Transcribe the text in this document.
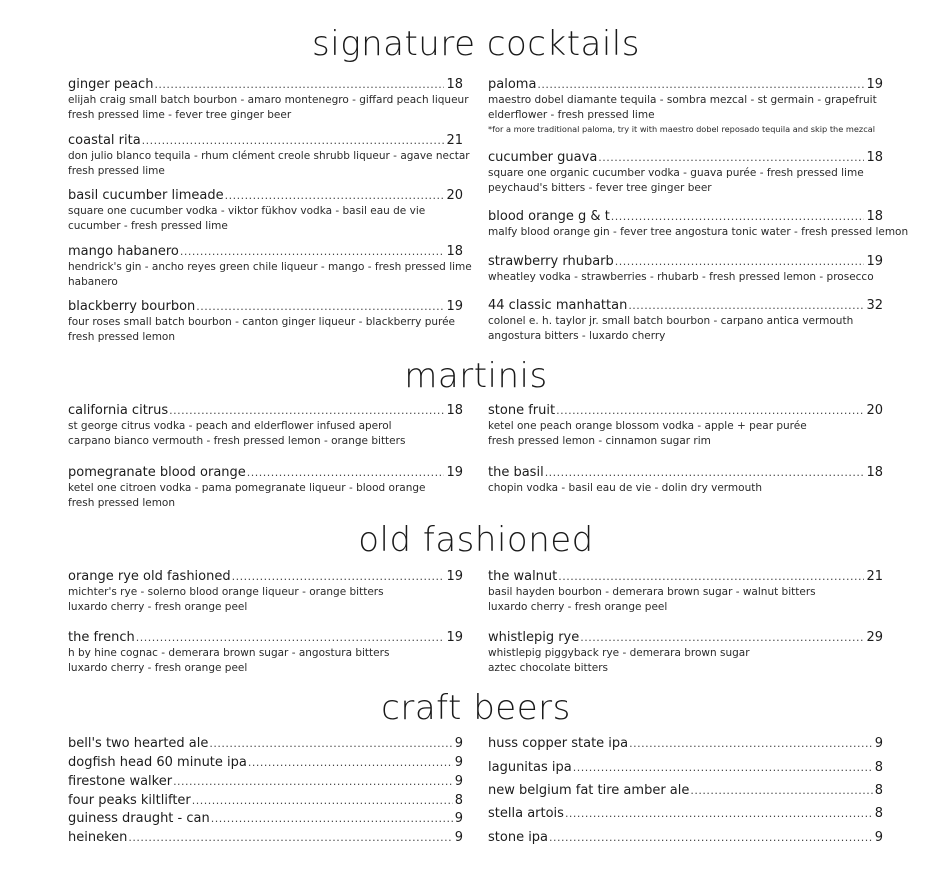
signature cocktails
martinis
old fashioned
craft beers
ginger peach .....	18
elijah craig small batch bourbon - amaro montenegro - giffard peach liqueur
fresh pressed lime - fever tree ginger beer
coastal rita .....	21
don julio blanco tequila - rhum clément creole shrubb liqueur - agave nectar
fresh pressed lime
basil cucumber limeade .....	20
square one cucumber vodka - viktor fükhov vodka - basil eau de vie
cucumber - fresh pressed lime
mango habanero .....	18
hendrick's gin - ancho reyes green chile liqueur - mango - fresh pressed lime
habanero
blackberry bourbon .....	19
four roses small batch bourbon - canton ginger liqueur - blackberry purée
fresh pressed lemon
paloma .....	19
maestro dobel diamante tequila - sombra mezcal - st germain - grapefruit
elderflower - fresh pressed lime
*for a more traditional paloma, try it with maestro dobel reposado tequila and skip the mezcal
cucumber guava .....	18
square one organic cucumber vodka - guava purée - fresh pressed lime
peychaud's bitters - fever tree ginger beer
blood orange g & t .....	18
malfy blood orange gin - fever tree angostura tonic water - fresh pressed lemon
strawberry rhubarb .....	19
wheatley vodka - strawberries - rhubarb - fresh pressed lemon - prosecco
44 classic manhattan .....	32
colonel e. h. taylor jr. small batch bourbon - carpano antica vermouth
angostura bitters - luxardo cherry
california citrus .....	18
st george citrus vodka - peach and elderflower infused aperol
carpano bianco vermouth - fresh pressed lemon - orange bitters
pomegranate blood orange .....	19
ketel one citroen vodka - pama pomegranate liqueur - blood orange
fresh pressed lemon
stone fruit .....	20
ketel one peach orange blossom vodka - apple + pear purée
fresh pressed lemon - cinnamon sugar rim
the basil .....	18
chopin vodka - basil eau de vie - dolin dry vermouth
orange rye old fashioned .....	19
michter's rye - solerno blood orange liqueur - orange bitters
luxardo cherry - fresh orange peel
the french .....	19
h by hine cognac - demerara brown sugar - angostura bitters
luxardo cherry - fresh orange peel
the walnut .....	21
basil hayden bourbon - demerara brown sugar - walnut bitters
luxardo cherry - fresh orange peel
whistlepig rye .....	29
whistlepig piggyback rye - demerara brown sugar
aztec chocolate bitters
bell's two hearted ale .....	9
dogfish head 60 minute ipa .....	9
firestone walker .....	9
four peaks kiltlifter .....	8
guiness draught - can .....	9
heineken .....	9
huss copper state ipa .....	9
lagunitas ipa .....	8
new belgium fat tire amber ale .....	8
stella artois .....	8
stone ipa .....	9
